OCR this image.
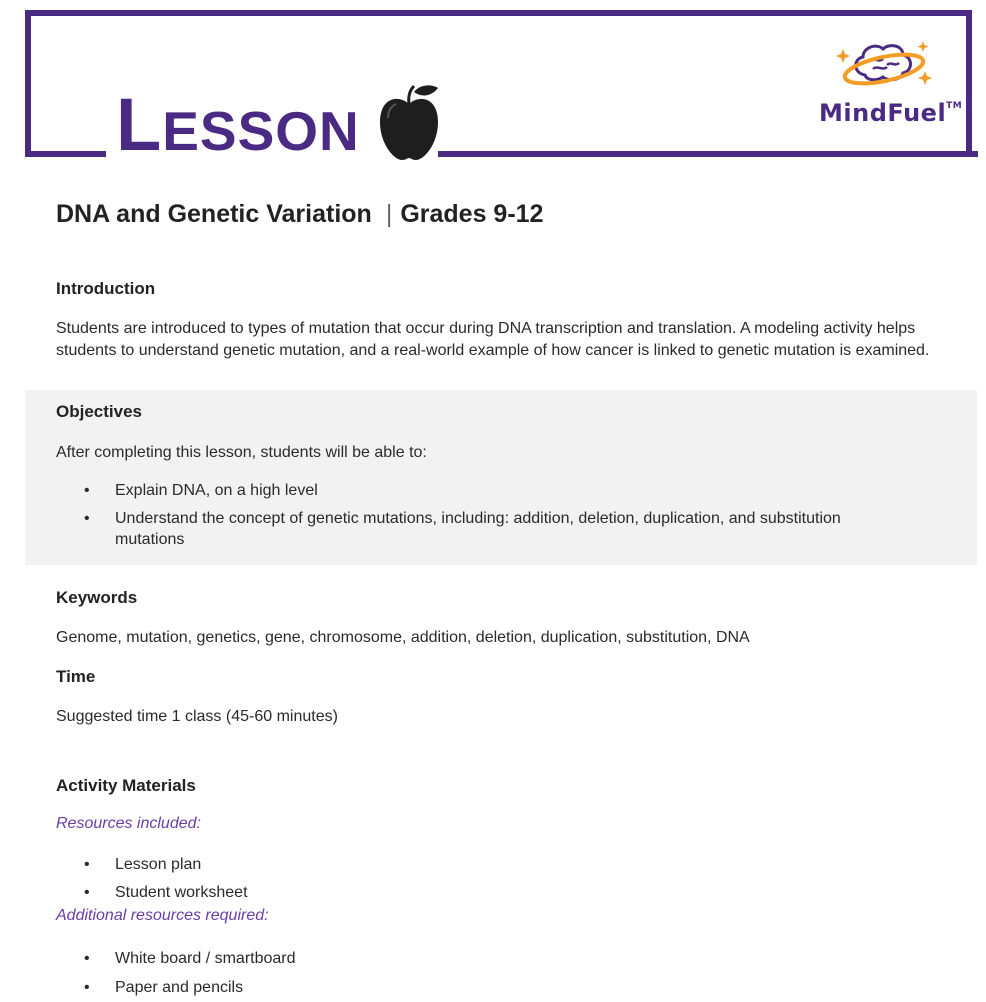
LESSON	MindFuel™
DNA and Genetic Variation | Grades 9-12
Introduction
Students are introduced to types of mutation that occur during DNA transcription and translation. A modeling activity helps students to understand genetic mutation, and a real-world example of how cancer is linked to genetic mutation is examined.
Objectives
After completing this lesson, students will be able to:
• Explain DNA, on a high level
• Understand the concept of genetic mutations, including: addition, deletion, duplication, and substitution mutations
Keywords
Genome, mutation, genetics, gene, chromosome, addition, deletion, duplication, substitution, DNA
Time
Suggested time 1 class (45-60 minutes)
Activity Materials
Resources included:
• Lesson plan
• Student worksheet
Additional resources required:
• White board / smartboard
• Paper and pencils
